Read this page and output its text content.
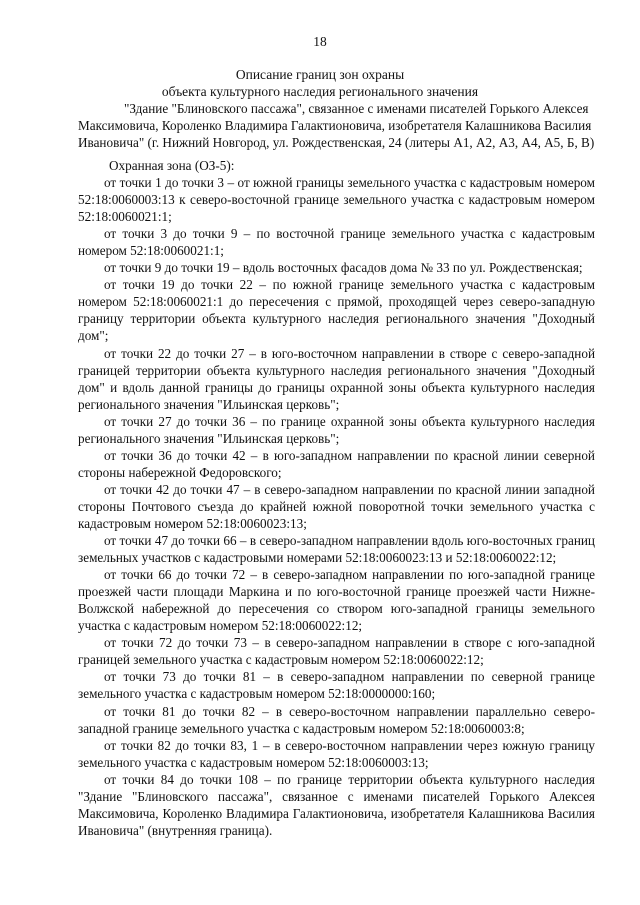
18
Описание границ зон охраны
объекта культурного наследия регионального значения
"Здание "Блиновского пассажа", связанное с именами писателей Горького Алексея
Максимовича, Короленко Владимира Галактионовича, изобретателя Калашникова Василия
Ивановича" (г. Нижний Новгород, ул. Рождественская, 24 (литеры А1, А2, А3, А4, А5, Б, В)

Охранная зона (ОЗ-5):

от точки 1 до точки 3 – от южной границы земельного участка с кадастровым номером 52:18:0060003:13 к северо-восточной границе земельного участка с кадастровым номером 52:18:0060021:1;

от точки 3 до точки 9 – по восточной границе земельного участка с кадастровым номером 52:18:0060021:1;

от точки 9 до точки 19 – вдоль восточных фасадов дома № 33 по ул. Рождественская;

от точки 19 до точки 22 – по южной границе земельного участка с кадастровым номером 52:18:0060021:1 до пересечения с прямой, проходящей через северо-западную границу территории объекта культурного наследия регионального значения "Доходный дом";

от точки 22 до точки 27 – в юго-восточном направлении в створе с северо-западной границей территории объекта культурного наследия регионального значения "Доходный дом" и вдоль данной границы до границы охранной зоны объекта культурного наследия регионального значения "Ильинская церковь";

от точки 27 до точки 36 – по границе охранной зоны объекта культурного наследия регионального значения "Ильинская церковь";

от точки 36 до точки 42 – в юго-западном направлении по красной линии северной стороны набережной Федоровского;

от точки 42 до точки 47 – в северо-западном направлении по красной линии западной стороны Почтового съезда до крайней южной поворотной точки земельного участка с кадастровым номером 52:18:0060023:13;

от точки 47 до точки 66 – в северо-западном направлении вдоль юго-восточных границ земельных участков с кадастровыми номерами 52:18:0060023:13 и 52:18:0060022:12;

от точки 66 до точки 72 – в северо-западном направлении по юго-западной границе проезжей части площади Маркина и по юго-восточной границе проезжей части Нижне-Волжской набережной до пересечения со створом юго-западной границы земельного участка с кадастровым номером 52:18:0060022:12;

от точки 72 до точки 73 – в северо-западном направлении в створе с юго-западной границей земельного участка с кадастровым номером 52:18:0060022:12;

от точки 73 до точки 81 – в северо-западном направлении по северной границе земельного участка с кадастровым номером 52:18:0000000:160;

от точки 81 до точки 82 – в северо-восточном направлении параллельно северо-западной границе земельного участка с кадастровым номером 52:18:0060003:8;

от точки 82 до точки 83, 1 – в северо-восточном направлении через южную границу земельного участка с кадастровым номером 52:18:0060003:13;

от точки 84 до точки 108 – по границе территории объекта культурного наследия "Здание "Блиновского пассажа", связанное с именами писателей Горького Алексея Максимовича, Короленко Владимира Галактионовича, изобретателя Калашникова Василия Ивановича" (внутренняя граница).
